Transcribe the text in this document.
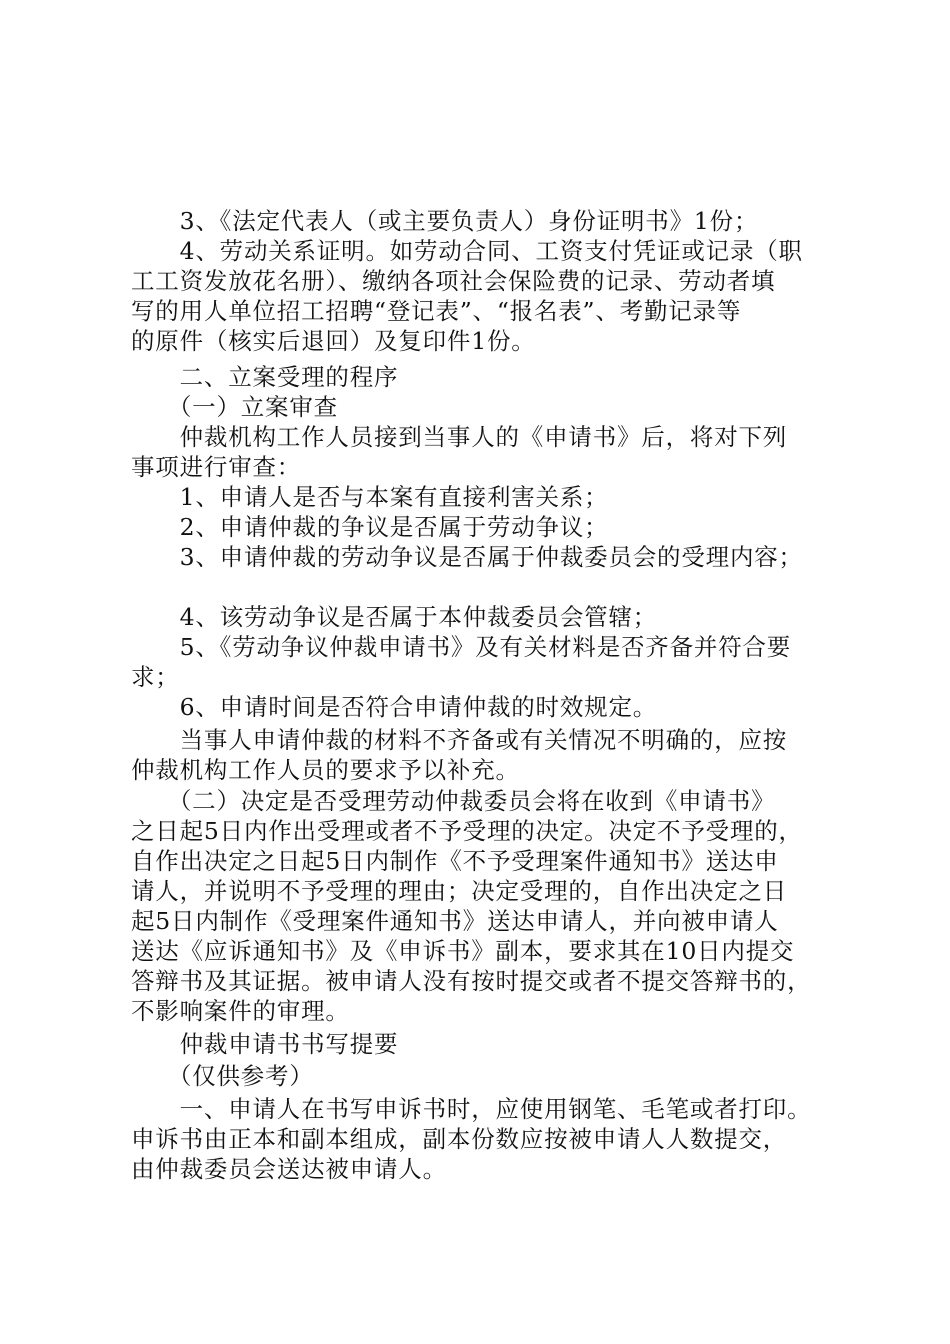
　　3、《法定代表人（或主要负责人）身份证明书》1份；
　　4、劳动关系证明。如劳动合同、工资支付凭证或记录（职
工工资发放花名册）、缴纳各项社会保险费的记录、劳动者填
写的用人单位招工招聘“登记表”、“报名表”、考勤记录等
的原件（核实后退回）及复印件1份。
　　二、立案受理的程序
　　（一）立案审查
　　仲裁机构工作人员接到当事人的《申请书》后，将对下列
事项进行审查：
　　1、申请人是否与本案有直接利害关系；
　　2、申请仲裁的争议是否属于劳动争议；
　　3、申请仲裁的劳动争议是否属于仲裁委员会的受理内容；
　　4、该劳动争议是否属于本仲裁委员会管辖；
　　5、《劳动争议仲裁申请书》及有关材料是否齐备并符合要
求；
　　6、申请时间是否符合申请仲裁的时效规定。
　　当事人申请仲裁的材料不齐备或有关情况不明确的，应按
仲裁机构工作人员的要求予以补充。
　　（二）决定是否受理劳动仲裁委员会将在收到《申请书》
之日起5日内作出受理或者不予受理的决定。决定不予受理的，
自作出决定之日起5日内制作《不予受理案件通知书》送达申
请人，并说明不予受理的理由；决定受理的，自作出决定之日
起5日内制作《受理案件通知书》送达申请人，并向被申请人
送达《应诉通知书》及《申诉书》副本，要求其在10日内提交
答辩书及其证据。被申请人没有按时提交或者不提交答辩书的，
不影响案件的审理。
　　仲裁申请书书写提要
　　（仅供参考）
　　一、申请人在书写申诉书时，应使用钢笔、毛笔或者打印。
申诉书由正本和副本组成，副本份数应按被申请人人数提交，
由仲裁委员会送达被申请人。
